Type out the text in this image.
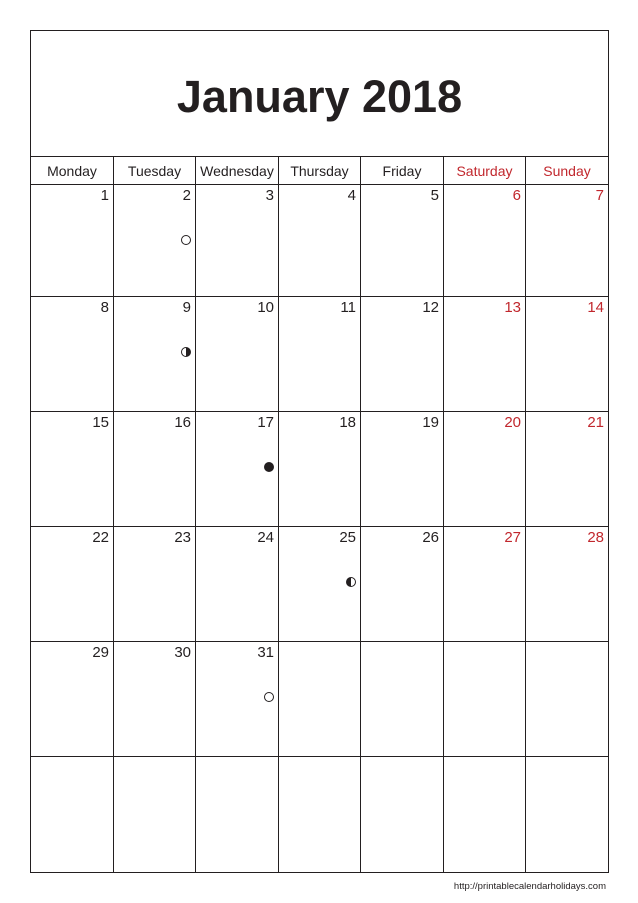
January 2018
Monday	Tuesday	Wednesday	Thursday	Friday	Saturday	Sunday
1	2	3	4	5	6	7
8	9	10	11	12	13	14
15	16	17	18	19	20	21
22	23	24	25	26	27	28
29	30	31
http://printablecalendarholidays.com
